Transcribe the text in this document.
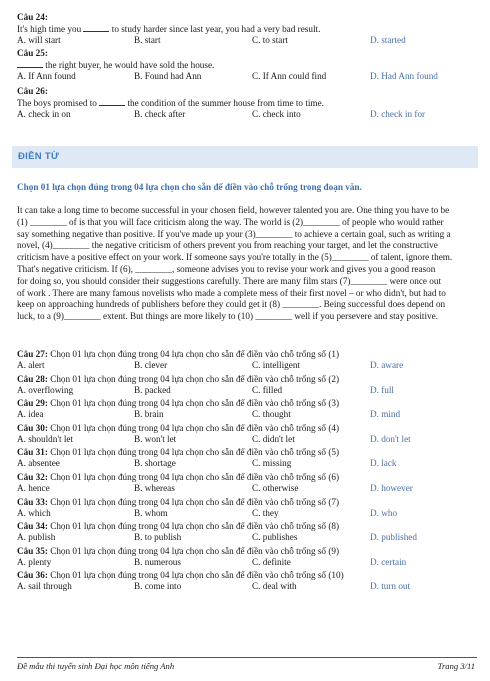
Câu 24:
It's high time you	to study harder since last year, you had a very bad result.
A. will start	B. start	C. to start	D. started
Câu 25:
the right buyer, he would have sold the house.
A. If Ann found	B. Found had Ann	C. If Ann could find	D. Had Ann found
Câu 26:
The boys promised to	the condition of the summer house from time to time.
A. check in on	B. check after	C. check into	D. check in for
ĐIỀN TỪ
Chọn 01 lựa chọn đúng trong 04 lựa chọn cho sẵn để điền vào chỗ trống trong đoạn văn.
It can take a long time to become successful in your chosen field, however talented you are. One thing you have to be
(1) ________ of is that you will face criticism along the way. The world is (2)________ of people who would rather
say something negative than positive. If you've made up your (3)________ to achieve a certain goal, such as writing a
novel, (4)________ the negative criticism of others prevent you from reaching your target, and let the constructive
criticism have a positive effect on your work. If someone says you're totally in the (5)________ of talent, ignore them.
That's negative criticism. If (6), ________, someone advises you to revise your work and gives you a good reason
for doing so, you should consider their suggestions carefully. There are many film stars (7)________ were once out
of work . There are many famous novelists who made a complete mess of their first novel – or who didn't, but had to
keep on approaching hundreds of publishers before they could get it (8) ________. Being successful does depend on
luck, to a (9)________ extent. But things are more likely to (10) ________ well if you persevere and stay positive.
Câu 27: Chọn 01 lựa chọn đúng trong 04 lựa chọn cho sẵn để điền vào chỗ trống số (1)
A. alert	B. clever	C. intelligent	D. aware
Câu 28: Chọn 01 lựa chọn đúng trong 04 lựa chọn cho sẵn để điền vào chỗ trống số (2)
A. overflowing	B. packed	C. filled	D. full
Câu 29: Chọn 01 lựa chọn đúng trong 04 lựa chọn cho sẵn để điền vào chỗ trống số (3)
A. idea	B. brain	C. thought	D. mind
Câu 30: Chọn 01 lựa chọn đúng trong 04 lựa chọn cho sẵn để điền vào chỗ trống số (4)
A. shouldn't let	B. won't let	C. didn't let	D. don't let
Câu 31: Chọn 01 lựa chọn đúng trong 04 lựa chọn cho sẵn để điền vào chỗ trống số (5)
A. absentee	B. shortage	C. missing	D. lack
Câu 32: Chọn 01 lựa chọn đúng trong 04 lựa chọn cho sẵn để điền vào chỗ trống số (6)
A. hence	B. whereas	C. otherwise	D. however
Câu 33: Chọn 01 lựa chọn đúng trong 04 lựa chọn cho sẵn để điền vào chỗ trống số (7)
A. which	B. whom	C. they	D. who
Câu 34: Chọn 01 lựa chọn đúng trong 04 lựa chọn cho sẵn để điền vào chỗ trống số (8)
A. publish	B. to publish	C. publishes	D. published
Câu 35: Chọn 01 lựa chọn đúng trong 04 lựa chọn cho sẵn để điền vào chỗ trống số (9)
A. plenty	B. numerous	C. definite	D. certain
Câu 36: Chọn 01 lựa chọn đúng trong 04 lựa chọn cho sẵn để điền vào chỗ trống số (10)
A. sail through	B. come into	C. deal with	D. turn out
Đề mẫu thi tuyển sinh Đại học môn tiếng Anh	Trang 3/11
